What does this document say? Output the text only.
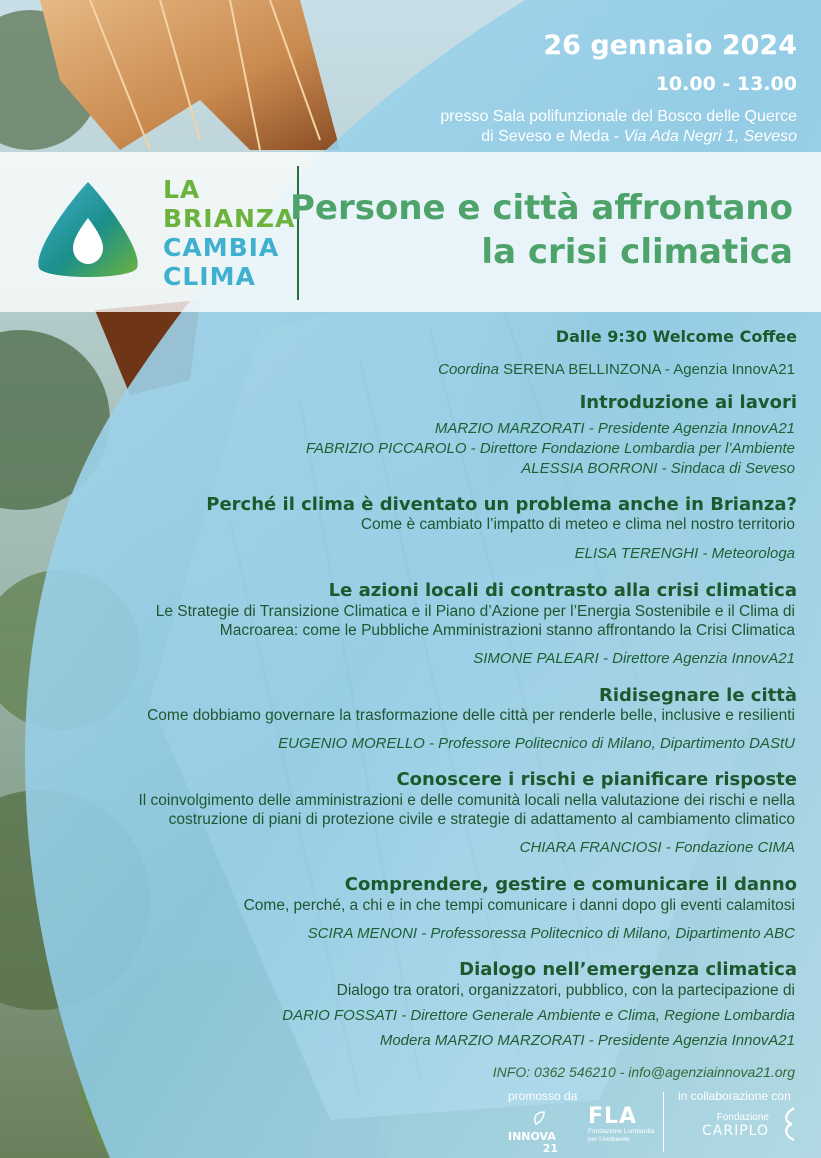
26 gennaio 2024
10.00 - 13.00
presso Sala polifunzionale del Bosco delle Querce
di Seveso e Meda - Via Ada Negri 1, Seveso
LA
BRIANZA
CAMBIA
CLIMA
Persone e città affrontano
la crisi climatica
Dalle 9:30 Welcome Coffee
Coordina SERENA BELLINZONA - Agenzia InnovA21
Introduzione ai lavori
MARZIO MARZORATI - Presidente Agenzia InnovA21
FABRIZIO PICCAROLO - Direttore Fondazione Lombardia per l’Ambiente
ALESSIA BORRONI - Sindaca di Seveso
Perché il clima è diventato un problema anche in Brianza?
Come è cambiato l’impatto di meteo e clima nel nostro territorio
ELISA TERENGHI - Meteorologa
Le azioni locali di contrasto alla crisi climatica
Le Strategie di Transizione Climatica e il Piano d’Azione per l’Energia Sostenibile e il Clima di
Macroarea: come le Pubbliche Amministrazioni stanno affrontando la Crisi Climatica
SIMONE PALEARI - Direttore Agenzia InnovA21
Ridisegnare le città
Come dobbiamo governare la trasformazione delle città per renderle belle, inclusive e resilienti
EUGENIO MORELLO - Professore Politecnico di Milano, Dipartimento DAStU
Conoscere i rischi e pianificare risposte
Il coinvolgimento delle amministrazioni e delle comunità locali nella valutazione dei rischi e nella
costruzione di piani di protezione civile e strategie di adattamento al cambiamento climatico
CHIARA FRANCIOSI - Fondazione CIMA
Comprendere, gestire e comunicare il danno
Come, perché, a chi e in che tempi comunicare i danni dopo gli eventi calamitosi
SCIRA MENONI - Professoressa Politecnico di Milano, Dipartimento ABC
Dialogo nell’emergenza climatica
Dialogo tra oratori, organizzatori, pubblico, con la partecipazione di
DARIO FOSSATI - Direttore Generale Ambiente e Clima, Regione Lombardia
Modera MARZIO MARZORATI - Presidente Agenzia InnovA21
INFO: 0362 546210 - info@agenziainnova21.org
promosso da	in collaborazione con
INNOVA
21
FLA
Fondazione Lombardia
per l’Ambiente
Fondazione
CARIPLO
